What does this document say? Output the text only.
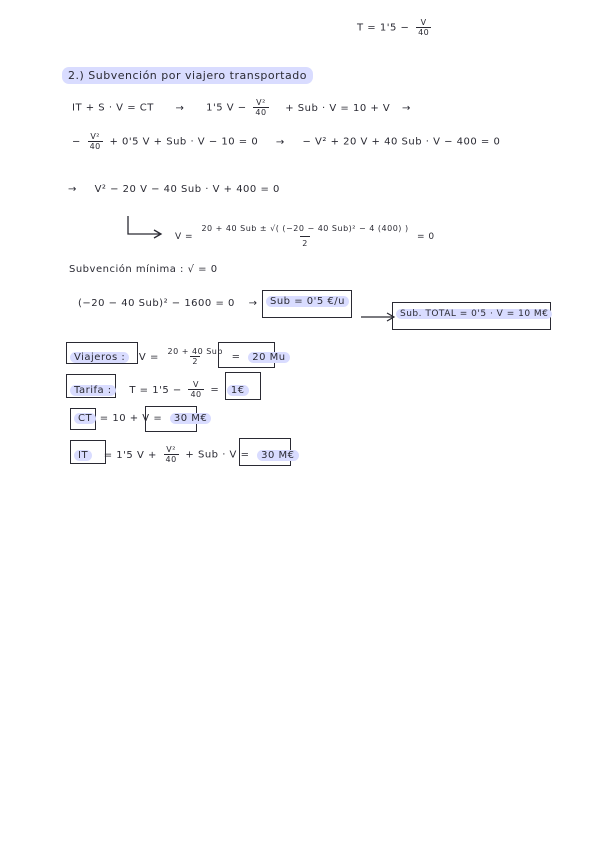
$T = 1'5 - \frac{V}{40}$
2.) Subvención por viajero transportado
IT + S · V = CT → 1'5 $V - \frac{\text{V²}}{40}$ + Sub · V = 10 + V →
− $\frac{\text{V²}}{40} + 0'5$ V + Sub · V − 10 = 0 → − V² + 20 V + 40 Sub · V − 400 = 0
→ V² − 20 V − 40 Sub · V + 400 = 0
$V = \frac{\text{20 + 40 Sub ± √( (−20 − 40 Sub)² − 4 (400) )}}{2} = 0$
Subvención mínima : √ = 0
(−20 − 40 Sub)² − 1600 = 0 →	Sub = 0'5 €/u
Sub. TOTAL = 0'5 · V = 10 M€
Viajeros : $V = \frac{\text{20 + 40 Sub}}{2} = 20$ Mu
Tarifa : $T = 1'5 - \frac{V}{40}$ = 1€
CT = 10 + V = 30 M€
IT = 1'5 $V + \frac{\text{V²}}{40}$ + Sub · V = 30 M€
